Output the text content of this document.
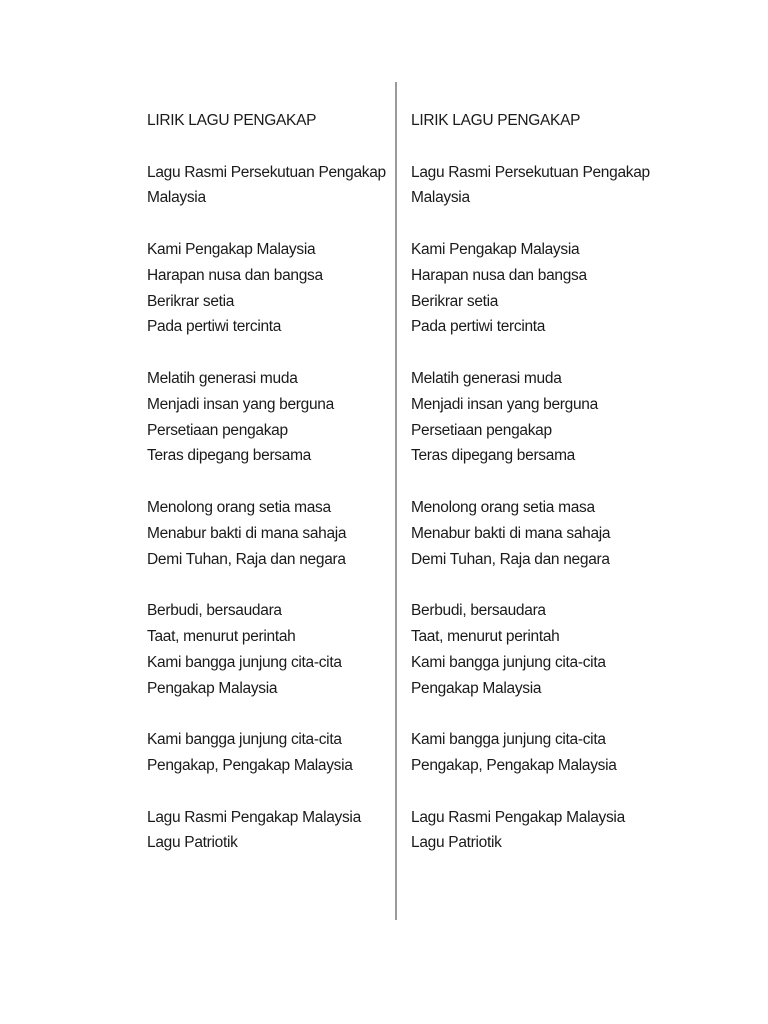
LIRIK LAGU PENGAKAP
Lagu Rasmi Persekutuan Pengakap
Malaysia
Kami Pengakap Malaysia
Harapan nusa dan bangsa
Berikrar setia
Pada pertiwi tercinta
Melatih generasi muda
Menjadi insan yang berguna
Persetiaan pengakap
Teras dipegang bersama
Menolong orang setia masa
Menabur bakti di mana sahaja
Demi Tuhan, Raja dan negara
Berbudi, bersaudara
Taat, menurut perintah
Kami bangga junjung cita-cita
Pengakap Malaysia
Kami bangga junjung cita-cita
Pengakap, Pengakap Malaysia
Lagu Rasmi Pengakap Malaysia
Lagu Patriotik
LIRIK LAGU PENGAKAP
Lagu Rasmi Persekutuan Pengakap
Malaysia
Kami Pengakap Malaysia
Harapan nusa dan bangsa
Berikrar setia
Pada pertiwi tercinta
Melatih generasi muda
Menjadi insan yang berguna
Persetiaan pengakap
Teras dipegang bersama
Menolong orang setia masa
Menabur bakti di mana sahaja
Demi Tuhan, Raja dan negara
Berbudi, bersaudara
Taat, menurut perintah
Kami bangga junjung cita-cita
Pengakap Malaysia
Kami bangga junjung cita-cita
Pengakap, Pengakap Malaysia
Lagu Rasmi Pengakap Malaysia
Lagu Patriotik
